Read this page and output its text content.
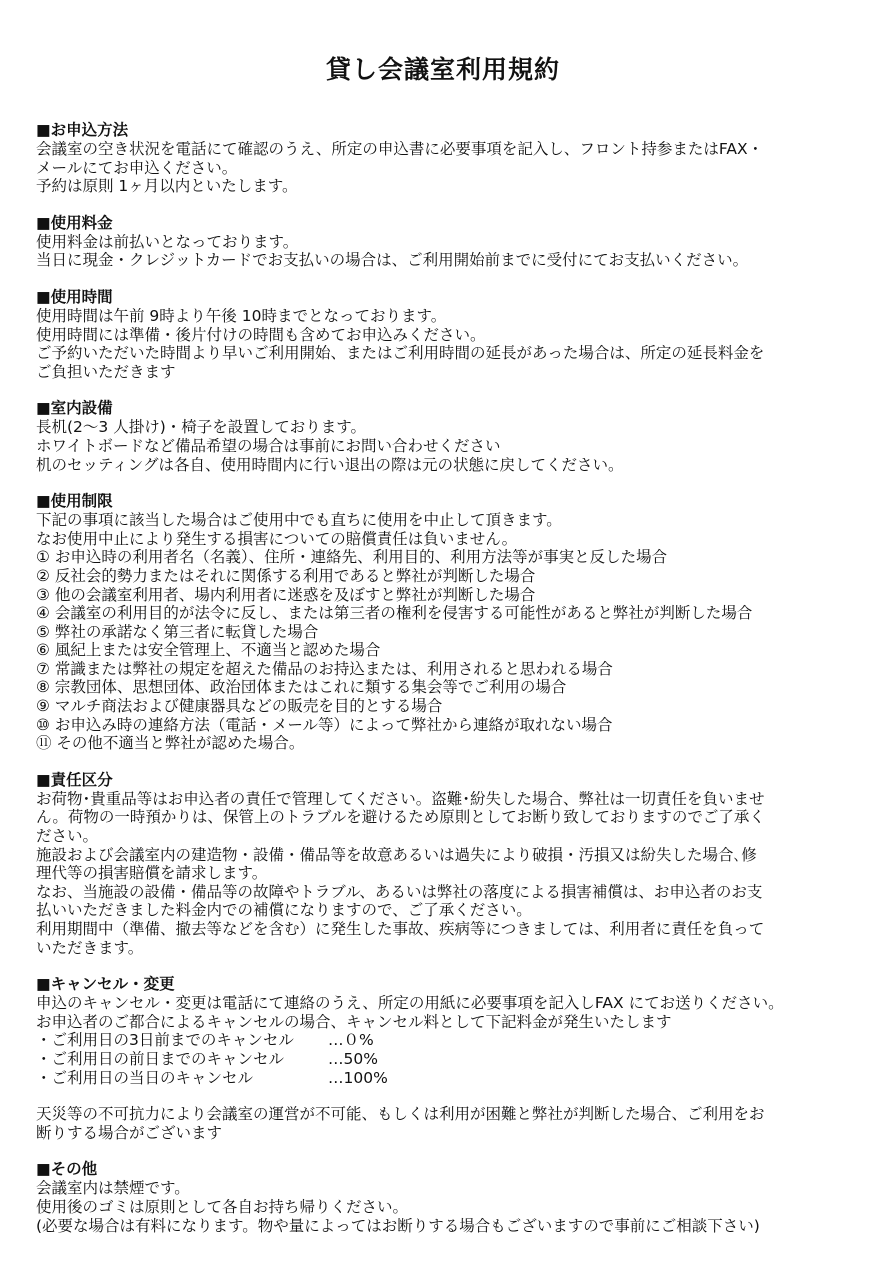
貸し会議室利用規約
■お申込方法
会議室の空き状況を電話にて確認のうえ、所定の申込書に必要事項を記入し、フロント持参またはFAX・
メールにてお申込ください。
予約は原則 1ヶ月以内といたします。
■使用料金
使用料金は前払いとなっております。
当日に現金・クレジットカードでお支払いの場合は、ご利用開始前までに受付にてお支払いください。
■使用時間
使用時間は午前 9時より午後 10時までとなっております。
使用時間には準備・後片付けの時間も含めてお申込みください。
ご予約いただいた時間より早いご利用開始、またはご利用時間の延長があった場合は、所定の延長料金を
ご負担いただきます
■室内設備
長机(2～3 人掛け)・椅子を設置しております。
ホワイトボードなど備品希望の場合は事前にお問い合わせください
机のセッティングは各自、使用時間内に行い退出の際は元の状態に戻してください。
■使用制限
下記の事項に該当した場合はご使用中でも直ちに使用を中止して頂きます。
なお使用中止により発生する損害についての賠償責任は負いません。
① お申込時の利用者名（名義）、住所・連絡先、利用目的、利用方法等が事実と反した場合
② 反社会的勢力またはそれに関係する利用であると弊社が判断した場合
③ 他の会議室利用者、場内利用者に迷惑を及ぼすと弊社が判断した場合
④ 会議室の利用目的が法令に反し、または第三者の権利を侵害する可能性があると弊社が判断した場合
⑤ 弊社の承諾なく第三者に転貸した場合
⑥ 風紀上または安全管理上、不適当と認めた場合
⑦ 常識または弊社の規定を超えた備品のお持込または、利用されると思われる場合
⑧ 宗教団体、思想団体、政治団体またはこれに類する集会等でご利用の場合
⑨ マルチ商法および健康器具などの販売を目的とする場合
⑩ お申込み時の連絡方法（電話・メール等）によって弊社から連絡が取れない場合
⑪ その他不適当と弊社が認めた場合。
■責任区分
お荷物･貴重品等はお申込者の責任で管理してください。盗難･紛失した場合、弊社は一切責任を負いませ
ん。荷物の一時預かりは、保管上のトラブルを避けるため原則としてお断り致しておりますのでご了承く
ださい。
施設および会議室内の建造物・設備・備品等を故意あるいは過失により破損・汚損又は紛失した場合､修
理代等の損害賠償を請求します。
なお、当施設の設備・備品等の故障やトラブル、あるいは弊社の落度による損害補償は、お申込者のお支
払いいただきました料金内での補償になりますので、ご了承ください。
利用期間中（準備、撤去等などを含む）に発生した事故、疾病等につきましては、利用者に責任を負って
いただきます。
■キャンセル・変更
申込のキャンセル・変更は電話にて連絡のうえ、所定の用紙に必要事項を記入しFAX にてお送りください。
お申込者のご都合によるキャンセルの場合、キャンセル料として下記料金が発生いたします
・ご利用日の3日前までのキャンセル …０%
・ご利用日の前日までのキャンセル	…50%
・ご利用日の当日のキャンセル	…100%
天災等の不可抗力により会議室の運営が不可能、もしくは利用が困難と弊社が判断した場合、ご利用をお
断りする場合がございます
■その他
会議室内は禁煙です。
使用後のゴミは原則として各自お持ち帰りください。
(必要な場合は有料になります。物や量によってはお断りする場合もございますので事前にご相談下さい)
